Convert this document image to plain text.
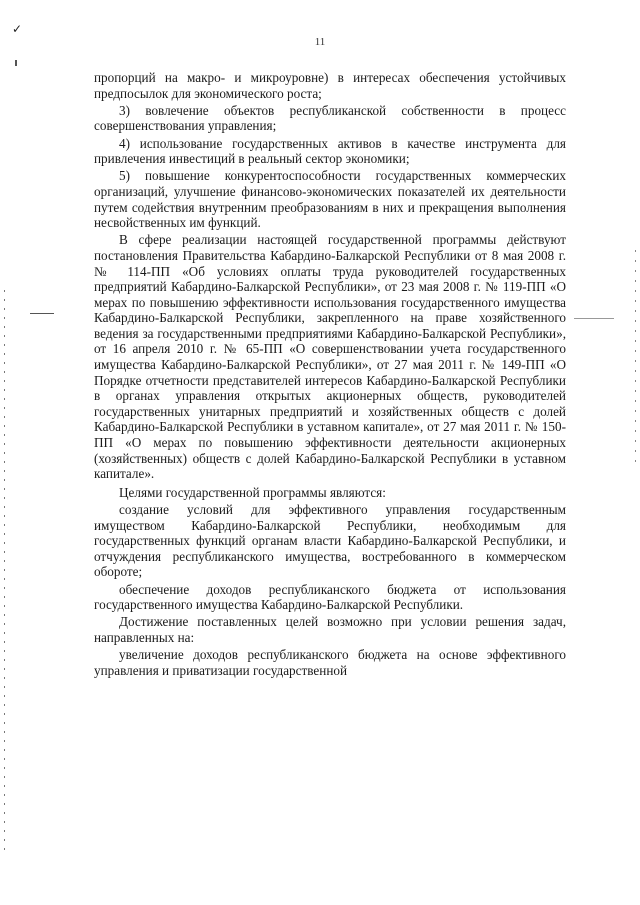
✓
11

пропорций на макро- и микроуровне) в интересах обеспечения устойчивых предпосылок для экономического роста;

3) вовлечение объектов республиканской собственности в процесс совершенствования управления;

4) использование государственных активов в качестве инструмента для привлечения инвестиций в реальный сектор экономики;

5) повышение конкурентоспособности государственных коммерческих организаций, улучшение финансово-экономических показателей их деятельности путем содействия внутренним преобразованиям в них и прекращения выполнения несвойственных им функций.

В сфере реализации настоящей государственной программы действуют постановления Правительства Кабардино-Балкарской Республики от 8 мая 2008 г. № 114-ПП «Об условиях оплаты труда руководителей государственных предприятий Кабардино-Балкарской Республики», от 23 мая 2008 г. № 119-ПП «О мерах по повышению эффективности использования государственного имущества Кабардино-Балкарской Республики, закрепленного на праве хозяйственного ведения за государственными предприятиями Кабардино-Балкарской Республики», от 16 апреля 2010 г. № 65-ПП «О совершенствовании учета государственного имущества Кабардино-Балкарской Республики», от 27 мая 2011 г. № 149-ПП «О Порядке отчетности представителей интересов Кабардино-Балкарской Республики в органах управления открытых акционерных обществ, руководителей государственных унитарных предприятий и хозяйственных обществ с долей Кабардино-Балкарской Республики в уставном капитале», от 27 мая 2011 г. № 150-ПП «О мерах по повышению эффективности деятельности акционерных (хозяйственных) обществ с долей Кабардино-Балкарской Республики в уставном капитале».

Целями государственной программы являются:

создание условий для эффективного управления государственным имуществом Кабардино-Балкарской Республики, необходимым для государственных функций органам власти Кабардино-Балкарской Республики, и отчуждения республиканского имущества, востребованного в коммерческом обороте;

обеспечение доходов республиканского бюджета от использования государственного имущества Кабардино-Балкарской Республики.

Достижение поставленных целей возможно при условии решения задач, направленных на:

увеличение доходов республиканского бюджета на основе эффективного управления и приватизации государственной
